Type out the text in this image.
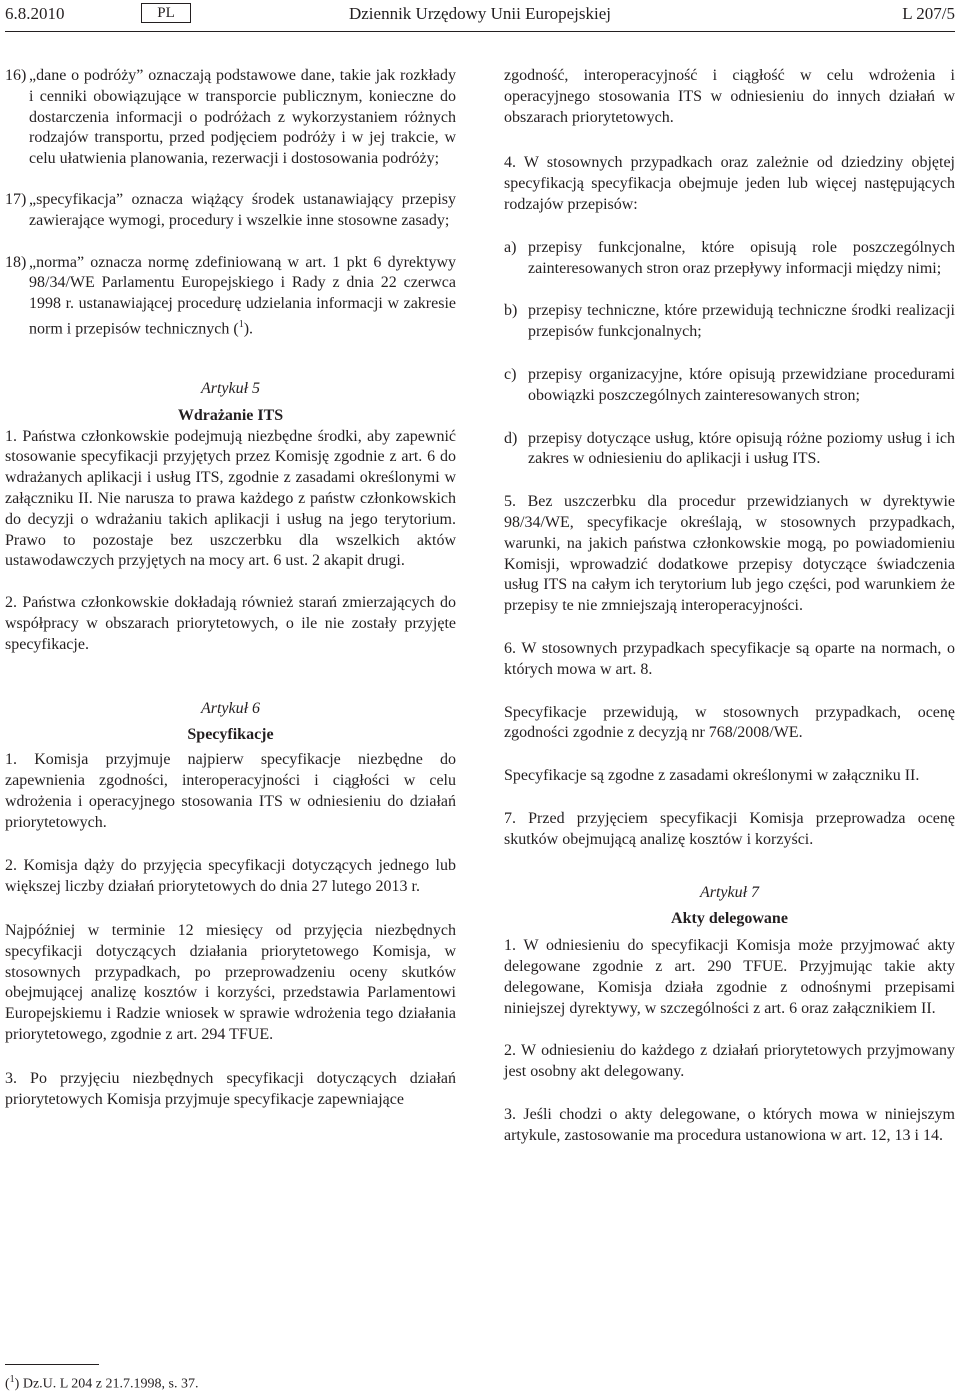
6.8.2010	PL	Dziennik Urzędowy Unii Europejskiej	L 207/5
16) „dane o podróży” oznaczają podstawowe dane, takie jak rozkłady i cenniki obowiązujące w transporcie publicznym, konieczne do dostarczenia informacji o podróżach z wykorzystaniem różnych rodzajów transportu, przed podjęciem podróży i w jej trakcie, w celu ułatwienia planowania, rezerwacji i dostosowania podróży;
17) „specyfikacja” oznacza wiążący środek ustanawiający przepisy zawierające wymogi, procedury i wszelkie inne stosowne zasady;
18) „norma” oznacza normę zdefiniowaną w art. 1 pkt 6 dyrektywy 98/34/WE Parlamentu Europejskiego i Rady z dnia 22 czerwca 1998 r. ustanawiającej procedurę udzielania informacji w zakresie norm i przepisów technicznych ($^1$).
Artykuł 5
Wdrażanie ITS

1. Państwa członkowskie podejmują niezbędne środki, aby zapewnić stosowanie specyfikacji przyjętych przez Komisję zgodnie z art. 6 do wdrażanych aplikacji i usług ITS, zgodnie z zasadami określonymi w załączniku II. Nie narusza to prawa każdego z państw członkowskich do decyzji o wdrażaniu takich aplikacji i usług na jego terytorium. Prawo to pozostaje bez uszczerbku dla wszelkich aktów ustawodawczych przyjętych na mocy art. 6 ust. 2 akapit drugi.

2. Państwa członkowskie dokładają również starań zmierzających do współpracy w obszarach priorytetowych, o ile nie zostały przyjęte specyfikacje.

Artykuł 6
Specyfikacje

1. Komisja przyjmuje najpierw specyfikacje niezbędne do zapewnienia zgodności, interoperacyjności i ciągłości w celu wdrożenia i operacyjnego stosowania ITS w odniesieniu do działań priorytetowych.

2. Komisja dąży do przyjęcia specyfikacji dotyczących jednego lub większej liczby działań priorytetowych do dnia 27 lutego 2013 r.

Najpóźniej w terminie 12 miesięcy od przyjęcia niezbędnych specyfikacji dotyczących działania priorytetowego Komisja, w stosownych przypadkach, po przeprowadzeniu oceny skutków obejmującej analizę kosztów i korzyści, przedstawia Parlamentowi Europejskiemu i Radzie wniosek w sprawie wdrożenia tego działania priorytetowego, zgodnie z art. 294 TFUE.

3. Po przyjęciu niezbędnych specyfikacji dotyczących działań priorytetowych Komisja przyjmuje specyfikacje zapewniające

zgodność, interoperacyjność i ciągłość w celu wdrożenia i operacyjnego stosowania ITS w odniesieniu do innych działań w obszarach priorytetowych.

4. W stosownych przypadkach oraz zależnie od dziedziny objętej specyfikacją specyfikacja obejmuje jeden lub więcej następujących rodzajów przepisów:

a) przepisy funkcjonalne, które opisują role poszczególnych zainteresowanych stron oraz przepływy informacji między nimi;
b) przepisy techniczne, które przewidują techniczne środki realizacji przepisów funkcjonalnych;
c) przepisy organizacyjne, które opisują przewidziane procedurami obowiązki poszczególnych zainteresowanych stron;
d) przepisy dotyczące usług, które opisują różne poziomy usług i ich zakres w odniesieniu do aplikacji i usług ITS.

5. Bez uszczerbku dla procedur przewidzianych w dyrektywie 98/34/WE, specyfikacje określają, w stosownych przypadkach, warunki, na jakich państwa członkowskie mogą, po powiadomieniu Komisji, wprowadzić dodatkowe przepisy dotyczące świadczenia usług ITS na całym ich terytorium lub jego części, pod warunkiem że przepisy te nie zmniejszają interoperacyjności.

6. W stosownych przypadkach specyfikacje są oparte na normach, o których mowa w art. 8.

Specyfikacje przewidują, w stosownych przypadkach, ocenę zgodności zgodnie z decyzją nr 768/2008/WE.

Specyfikacje są zgodne z zasadami określonymi w załączniku II.

7. Przed przyjęciem specyfikacji Komisja przeprowadza ocenę skutków obejmującą analizę kosztów i korzyści.

Artykuł 7
Akty delegowane

1. W odniesieniu do specyfikacji Komisja może przyjmować akty delegowane zgodnie z art. 290 TFUE. Przyjmując takie akty delegowane, Komisja działa zgodnie z odnośnymi przepisami niniejszej dyrektywy, w szczególności z art. 6 oraz załącznikiem II.

2. W odniesieniu do każdego z działań priorytetowych przyjmowany jest osobny akt delegowany.

3. Jeśli chodzi o akty delegowane, o których mowa w niniejszym artykule, zastosowanie ma procedura ustanowiona w art. 12, 13 i 14.

($^1$) Dz.U. L 204 z 21.7.1998, s. 37.
